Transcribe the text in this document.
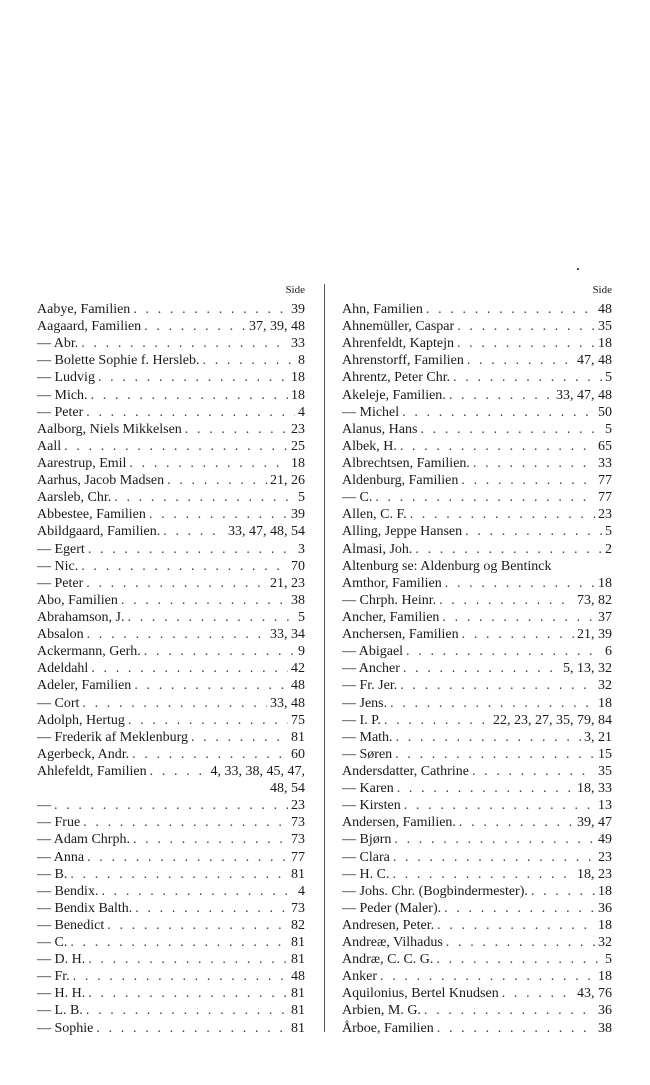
Side
Aabye, Familien . . .	39
Aagaard, Familien . . .	37, 39, 48
— Abr. . . .	33
— Bolette Sophie f. Hersleb. . . .	8
— Ludvig . . .	18
— Mich. . . .	18
— Peter . . .	4
Aalborg, Niels Mikkelsen . . .	23
Aall . . .	25
Aarestrup, Emil . . .	18
Aarhus, Jacob Madsen . . .	21, 26
Aarsleb, Chr. . . .	5
Abbestee, Familien . . .	39
Abildgaard, Familien. . . .	33, 47, 48, 54
— Egert . . .	3
— Nic. . . .	70
— Peter . . .	21, 23
Abo, Familien . . .	38
Abrahamson, J. . . .	5
Absalon . . .	33, 34
Ackermann, Gerh. . . .	9
Adeldahl . . .	42
Adeler, Familien . . .	48
— Cort . . .	33, 48
Adolph, Hertug . . .	75
— Frederik af Meklenburg . . .	81
Agerbeck, Andr. . . .	60
Ahlefeldt, Familien . . .	4, 33, 38, 45, 47,
48, 54
— . . .	23
— Frue . . .	73
— Adam Chrph. . . .	73
— Anna . . .	77
— B. . . .	81
— Bendix. . . .	4
— Bendix Balth. . . .	73
— Benedict . . .	82
— C. . . .	81
— D. H. . . .	81
— Fr. . . .	48
— H. H. . . .	81
— L. B. . . .	81
— Sophie . . .	81
Side
Ahn, Familien . . .	48
Ahnemüller, Caspar . . .	35
Ahrenfeldt, Kaptejn . . .	18
Ahrenstorff, Familien . . .	47, 48
Ahrentz, Peter Chr. . . .	5
Akeleje, Familien. . . .	33, 47, 48
— Michel . . .	50
Alanus, Hans . . .	5
Albek, H. . . .	65
Albrechtsen, Familien. . . .	33
Aldenburg, Familien . . .	77
— C. . . .	77
Allen, C. F. . . .	23
Alling, Jeppe Hansen . . .	5
Almasi, Joh. . . .	2
Altenburg se: Aldenburg og Bentinck
Amthor, Familien . . .	18
— Chrph. Heinr. . . .	73, 82
Ancher, Familien . . .	37
Anchersen, Familien . . .	21, 39
— Abigael . . .	6
— Ancher . . .	5, 13, 32
— Fr. Jer. . . .	32
— Jens. . . .	18
— I. P. . . .	22, 23, 27, 35, 79, 84
— Math. . . .	3, 21
— Søren . . .	15
Andersdatter, Cathrine . . .	35
— Karen . . .	18, 33
— Kirsten . . .	13
Andersen, Familien. . . .	39, 47
— Bjørn . . .	49
— Clara . . .	23
— H. C. . . .	18, 23
— Johs. Chr. (Bogbindermester). . . .	18
— Peder (Maler). . . .	36
Andresen, Peter. . . .	18
Andreæ, Vilhadus . . .	32
Andræ, C. C. G. . . .	5
Anker . . .	18
Aquilonius, Bertel Knudsen . . .	43, 76
Arbien, M. G. . . .	36
Årboe, Familien . . .	38
